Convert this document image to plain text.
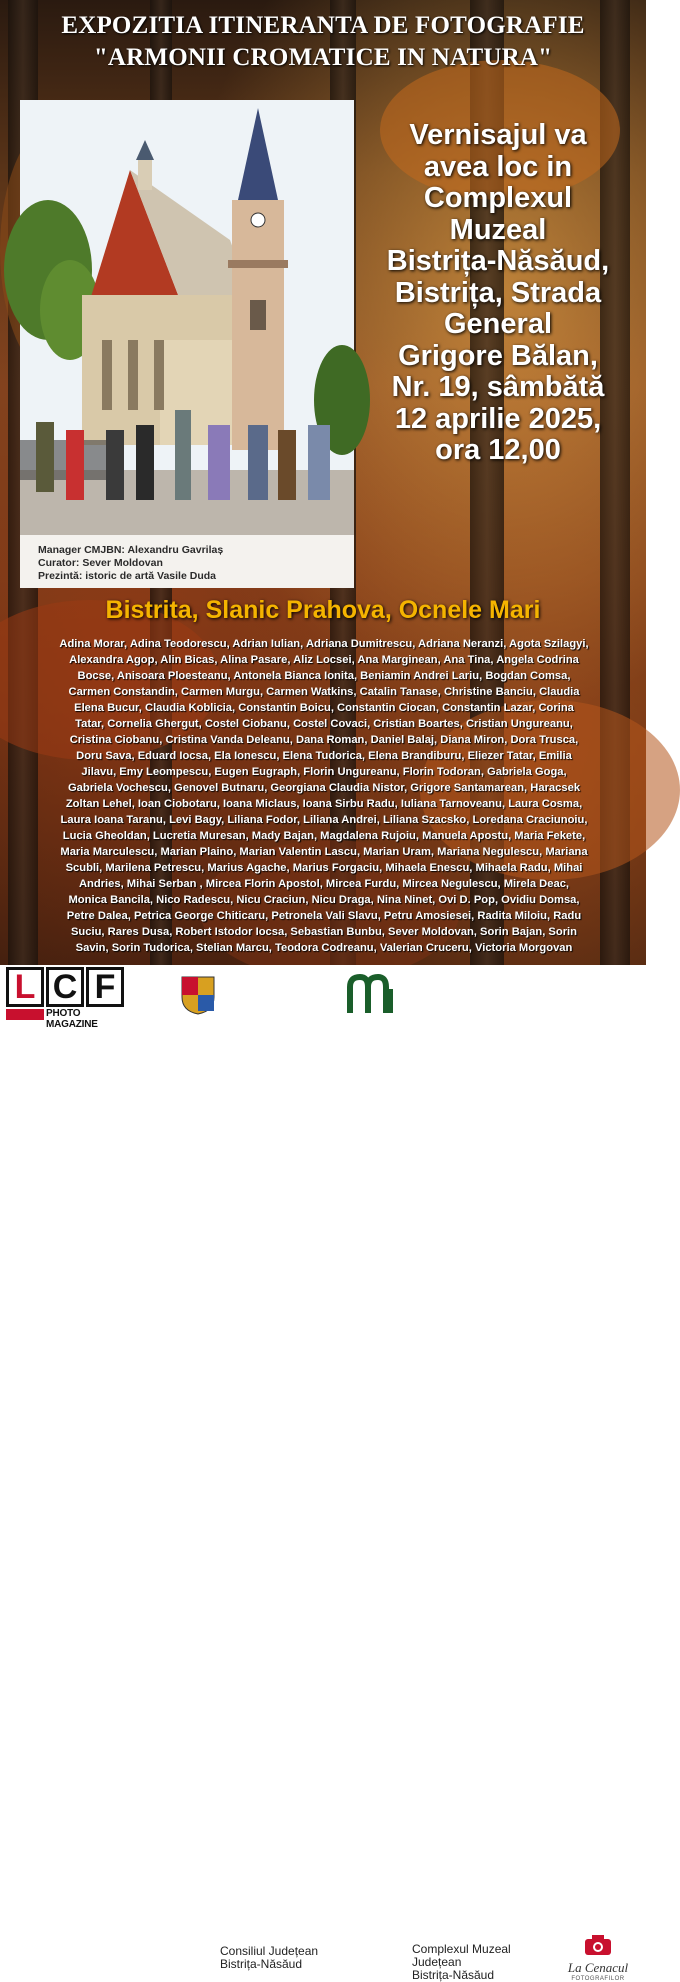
EXPOZITIA ITINERANTA DE FOTOGRAFIE
"ARMONII CROMATICE IN NATURA"
Manager CMJBN: Alexandru Gavrilaș
Curator: Sever Moldovan
Prezintă: istoric de artă Vasile Duda
Vernisajul va
avea loc in
Complexul
Muzeal
Bistrița-Năsăud,
Bistrița, Strada
General
Grigore Bălan,
Nr. 19, sâmbătă
12 aprilie 2025,
ora 12,00
Bistrita, Slanic Prahova, Ocnele Mari
Adina Morar, Adina Teodorescu, Adrian Iulian, Adriana Dumitrescu, Adriana Neranzi, Agota Szilagyi,
Alexandra Agop, Alin Bicas, Alina Pasare, Aliz Locsei, Ana Marginean, Ana Tina, Angela Codrina
Bocse, Anisoara Ploesteanu, Antonela Bianca Ionita, Beniamin Andrei Lariu, Bogdan Comsa,
Carmen Constandin, Carmen Murgu, Carmen Watkins, Catalin Tanase, Christine Banciu, Claudia
Elena Bucur, Claudia Koblicia, Constantin Boicu, Constantin Ciocan, Constantin Lazar, Corina
Tatar, Cornelia Ghergut, Costel Ciobanu, Costel Covaci, Cristian Boartes, Cristian Ungureanu,
Cristina Ciobanu, Cristina Vanda Deleanu, Dana Roman, Daniel Balaj, Diana Miron, Dora Trusca,
Doru Sava, Eduard Iocsa, Ela Ionescu, Elena Tudorica, Elena Brandiburu, Eliezer Tatar, Emilia
Jilavu, Emy Leompescu, Eugen Eugraph, Florin Ungureanu, Florin Todoran, Gabriela Goga,
Gabriela Vochescu, Genovel Butnaru, Georgiana Claudia Nistor, Grigore Santamarean, Haracsek
Zoltan Lehel, Ioan Ciobotaru, Ioana Miclaus, Ioana Sirbu Radu, Iuliana Tarnoveanu, Laura Cosma,
Laura Ioana Taranu, Levi Bagy, Liliana Fodor, Liliana Andrei, Liliana Szacsko, Loredana Craciunoiu,
Lucia Gheoldan, Lucretia Muresan, Mady Bajan, Magdalena Rujoiu, Manuela Apostu, Maria Fekete,
Maria Marculescu, Marian Plaino, Marian Valentin Lascu, Marian Uram, Mariana Negulescu, Mariana
Scubli, Marilena Petrescu, Marius Agache, Marius Forgaciu, Mihaela Enescu, Mihaela Radu, Mihai
Andries, Mihai Serban , Mircea Florin Apostol, Mircea Furdu, Mircea Negulescu, Mirela Deac,
Monica Bancila, Nico Radescu, Nicu Craciun, Nicu Draga, Nina Ninet, Ovi D. Pop, Ovidiu Domsa,
Petre Dalea, Petrica George Chiticaru, Petronela Vali Slavu, Petru Amosiesei, Radita Miloiu, Radu
Suciu, Rares Dusa, Robert Istodor Iocsa, Sebastian Bunbu, Sever Moldovan, Sorin Bajan, Sorin
Savin, Sorin Tudorica, Stelian Marcu, Teodora Codreanu, Valerian Cruceru, Victoria Morgovan
L C F
PHOTO MAGAZINE
Consiliul Județean
Bistrița-Năsăud
Complexul Muzeal
Județean
Bistrița-Năsăud	La Cenacul
FOTOGRAFILOR
